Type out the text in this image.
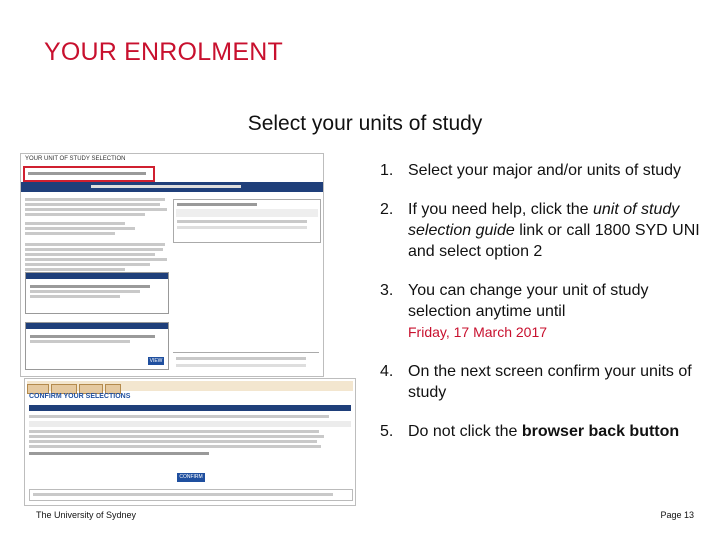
YOUR ENROLMENT
Select your units of study
YOUR UNIT OF STUDY SELECTION
VIEW
CONFIRM YOUR SELECTIONS
CONFIRM
1. Select your major and/or units of study
2. If you need help, click the unit of study selection guide link or call 1800 SYD UNI and select option 2
3. You can change your unit of study selection anytime until
Friday, 17 March 2017
4. On the next screen confirm your units of study
5. Do not click the browser back button
The University of Sydney	Page 13
